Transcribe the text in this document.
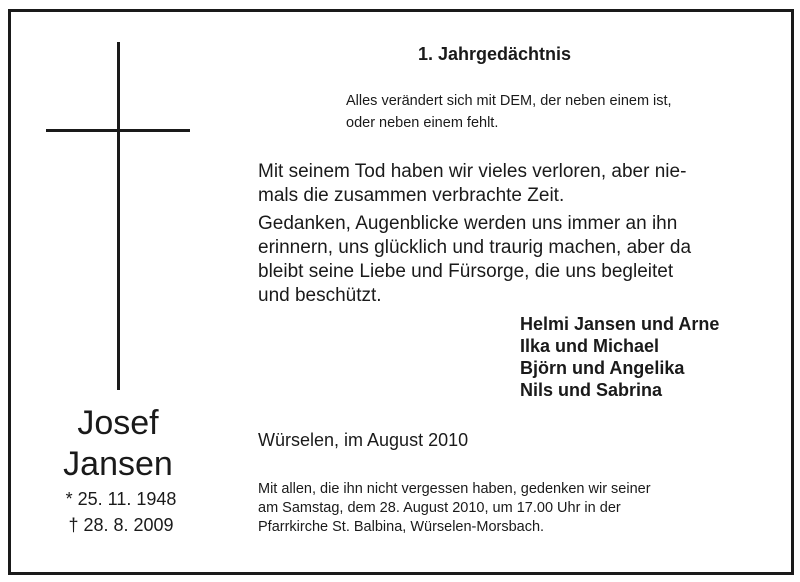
Josef
Jansen
* 25. 11. 1948
† 28. 8. 2009
1. Jahrgedächtnis
Alles verändert sich mit DEM, der neben einem ist,
oder neben einem fehlt.
Mit seinem Tod haben wir vieles verloren, aber nie-
mals die zusammen verbrachte Zeit.
Gedanken, Augenblicke werden uns immer an ihn
erinnern, uns glücklich und traurig machen, aber da
bleibt seine Liebe und Fürsorge, die uns begleitet
und beschützt.
Helmi Jansen und Arne
Ilka und Michael
Björn und Angelika
Nils und Sabrina
Würselen, im August 2010
Mit allen, die ihn nicht vergessen haben, gedenken wir seiner
am Samstag, dem 28. August 2010, um 17.00 Uhr in der
Pfarrkirche St. Balbina, Würselen-Morsbach.
